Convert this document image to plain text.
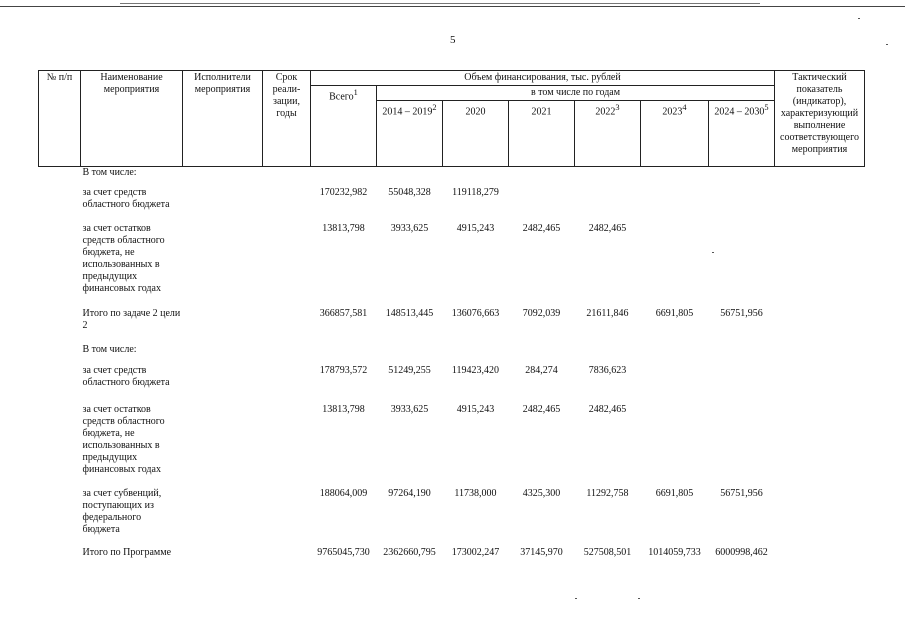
5
№ п/п	Наименование мероприятия	Исполнители мероприятия	Срок реали-зации, годы	Объем финансирования, тыс. рублей							Тактический показатель (индикатор), характеризующий выполнение соответствующего мероприятия
				Всего$^1$	в том числе по годам						
					2014 – 2019$^2$	2020	2021	2022$^3$	2023$^4$	2024 – 2030$^5$
	В том числе:										
	за счет средств областного бюджета			170232,982	55048,328	119118,279					
	за счет остатков средств областного бюджета, не использованных в предыдущих финансовых годах			13813,798	3933,625	4915,243	2482,465	2482,465			
	Итого по задаче 2 цели 2			366857,581	148513,445	136076,663	7092,039	21611,846	6691,805	56751,956	
	В том числе:										
	за счет средств областного бюджета			178793,572	51249,255	119423,420	284,274	7836,623			
	за счет остатков средств областного бюджета, не использованных в предыдущих финансовых годах			13813,798	3933,625	4915,243	2482,465	2482,465			
	за счет субвенций, поступающих из федерального бюджета			188064,009	97264,190	11738,000	4325,300	11292,758	6691,805	56751,956	
	Итого по Программе			9765045,730	2362660,795	173002,247	37145,970	527508,501	1014059,733	6000998,462	
